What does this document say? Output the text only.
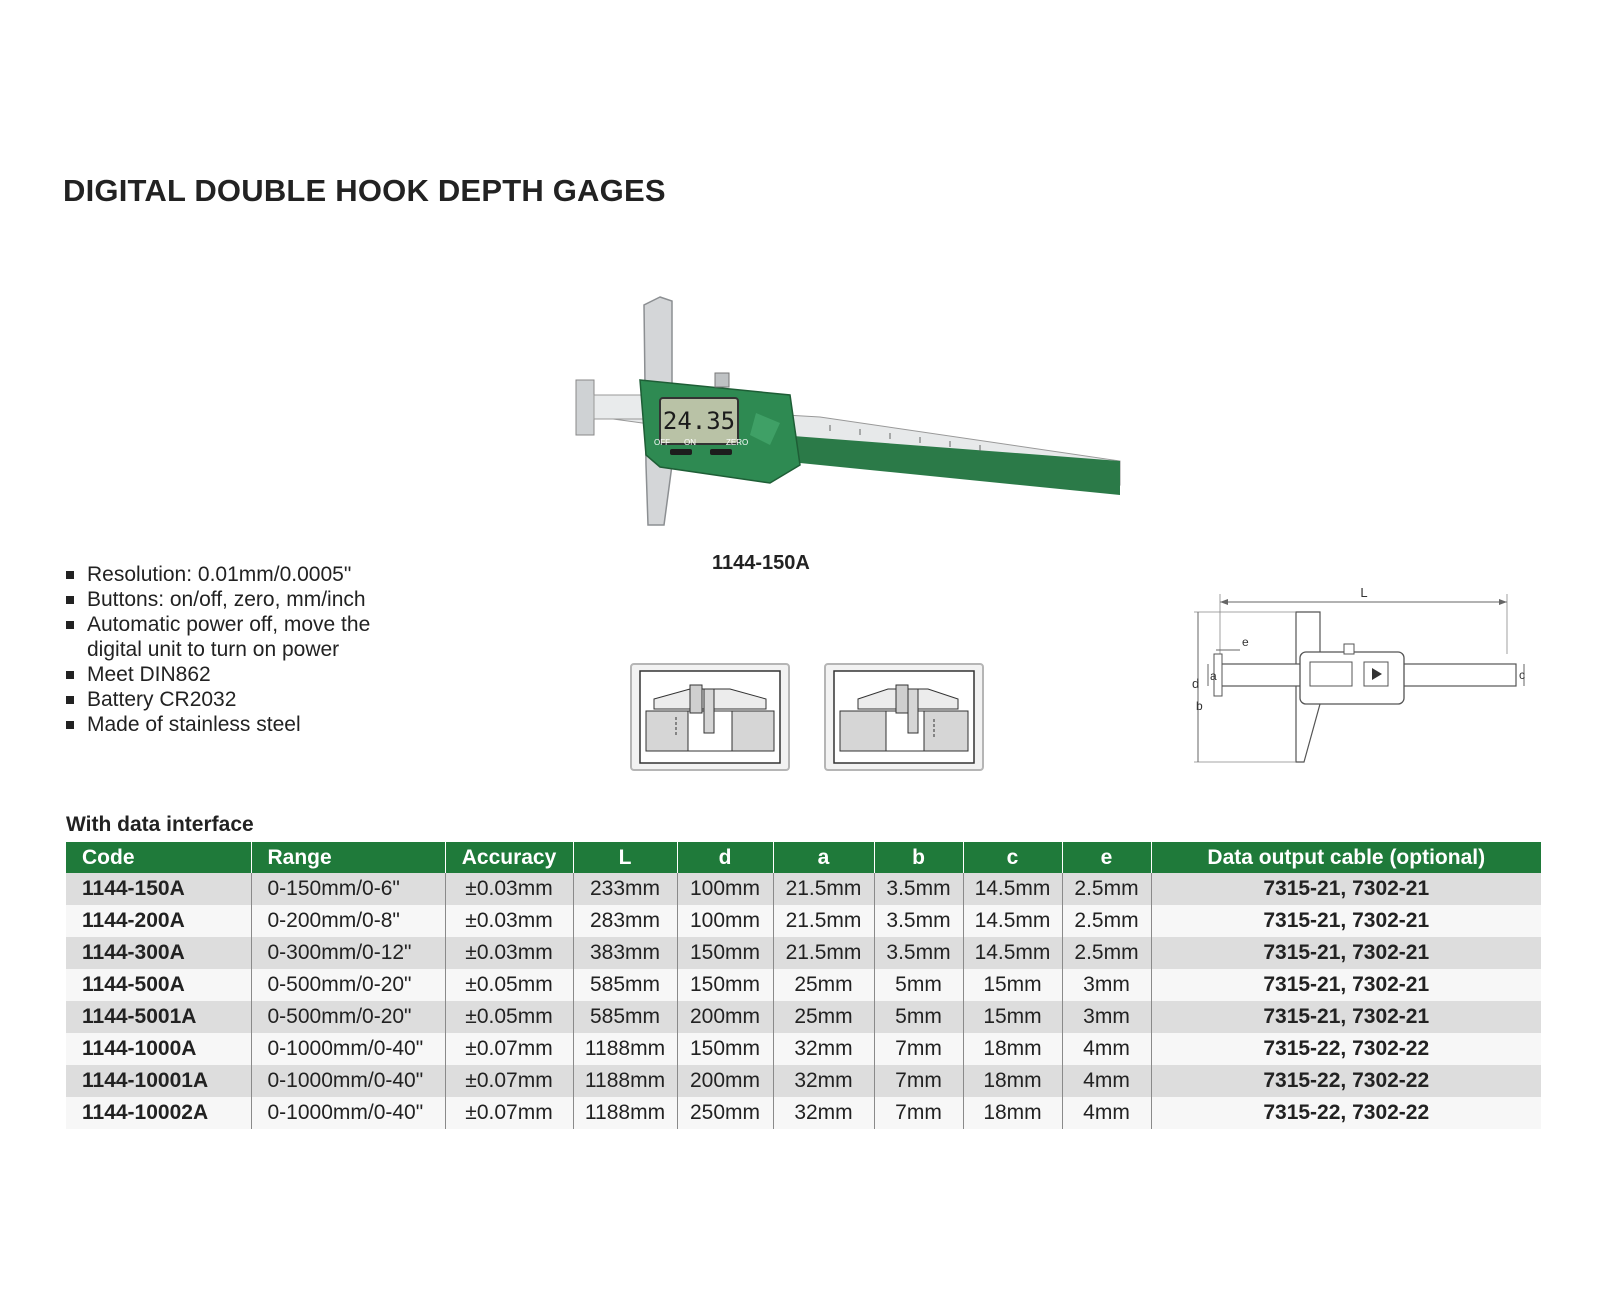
DIGITAL DOUBLE HOOK DEPTH GAGES
24.35
OFF ON	ZERO
1144-150A
Resolution: 0.01mm/0.0005"
Buttons: on/off, zero, mm/inch
Automatic power off, move the digital unit to turn on power
Meet DIN862
Battery CR2032
Made of stainless steel
L
d a
b
e
c
With data interface
Code	Range	Accuracy	L	d	a	b	c	e	Data output cable (optional)
1144-150A	0-150mm/0-6"	±0.03mm	233mm	100mm	21.5mm	3.5mm	14.5mm	2.5mm	7315-21, 7302-21
1144-200A	0-200mm/0-8"	±0.03mm	283mm	100mm	21.5mm	3.5mm	14.5mm	2.5mm	7315-21, 7302-21
1144-300A	0-300mm/0-12"	±0.03mm	383mm	150mm	21.5mm	3.5mm	14.5mm	2.5mm	7315-21, 7302-21
1144-500A	0-500mm/0-20"	±0.05mm	585mm	150mm	25mm	5mm	15mm	3mm	7315-21, 7302-21
1144-5001A	0-500mm/0-20"	±0.05mm	585mm	200mm	25mm	5mm	15mm	3mm	7315-21, 7302-21
1144-1000A	0-1000mm/0-40"	±0.07mm	1188mm	150mm	32mm	7mm	18mm	4mm	7315-22, 7302-22
1144-10001A	0-1000mm/0-40"	±0.07mm	1188mm	200mm	32mm	7mm	18mm	4mm	7315-22, 7302-22
1144-10002A	0-1000mm/0-40"	±0.07mm	1188mm	250mm	32mm	7mm	18mm	4mm	7315-22, 7302-22
